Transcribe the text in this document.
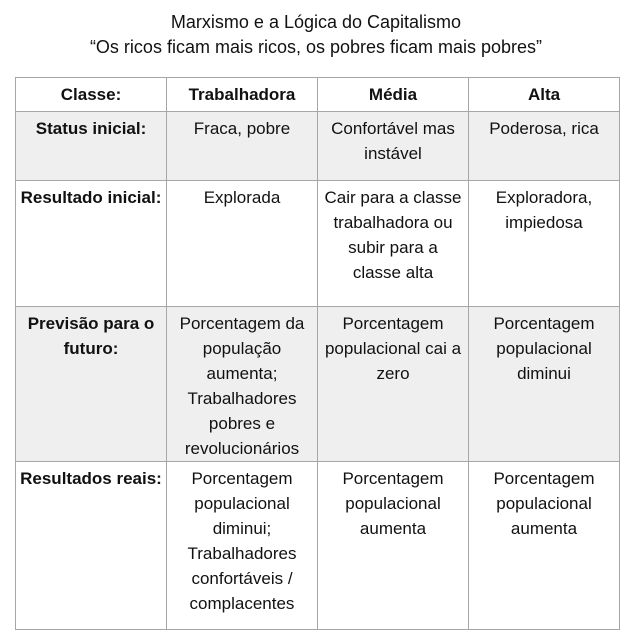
Marxismo e a Lógica do Capitalismo
“Os ricos ficam mais ricos, os pobres ficam mais pobres”
Classe:	Trabalhadora	Média	Alta
Status inicial:	Fraca, pobre	Confortável mas instável	Poderosa, rica
Resultado inicial:	Explorada	Cair para a classe trabalhadora ou subir para a classe alta	Exploradora, impiedosa
Previsão para o futuro:	Porcentagem da população aumenta; Trabalhadores pobres e revolucionários	Porcentagem populacional cai a zero	Porcentagem populacional diminui
Resultados reais:	Porcentagem populacional diminui; Trabalhadores confortáveis / complacentes	Porcentagem populacional aumenta	Porcentagem populacional aumenta
